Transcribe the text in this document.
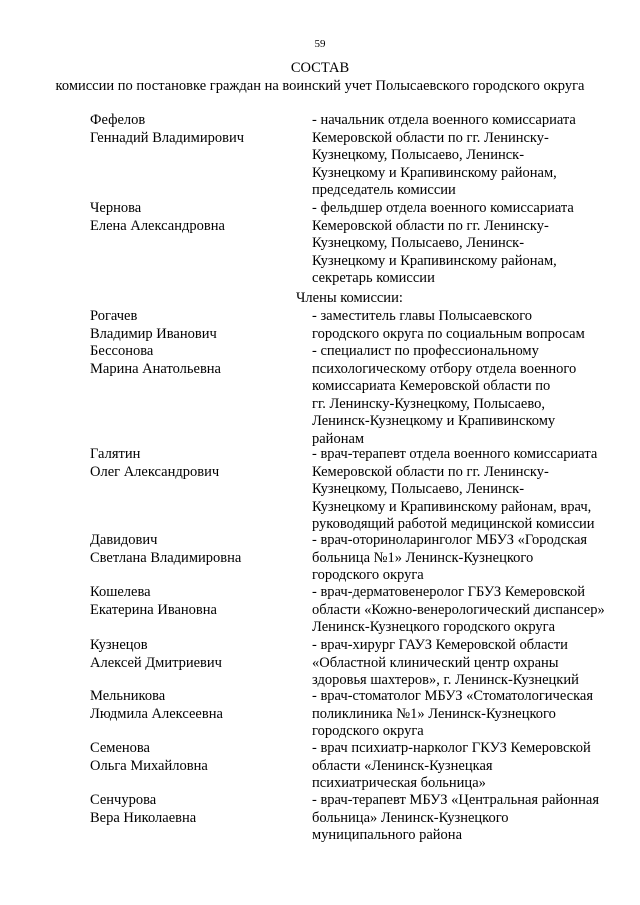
59
СОСТАВ
комиссии по постановке граждан на воинский учет Полысаевского городского округа
Фефелов
Геннадий Владимирович
- начальник отдела военного комиссариата
Кемеровской области по гг. Ленинску-
Кузнецкому, Полысаево, Ленинск-
Кузнецкому и Крапивинскому районам,
председатель комиссии
Чернова
Елена Александровна
- фельдшер отдела военного комиссариата
Кемеровской области по гг. Ленинску-
Кузнецкому, Полысаево, Ленинск-
Кузнецкому и Крапивинскому районам,
секретарь комиссии
Члены комиссии:
Рогачев
Владимир Иванович
- заместитель главы Полысаевского
городского округа по социальным вопросам
Бессонова
Марина Анатольевна
- специалист по профессиональному
психологическому отбору отдела военного
комиссариата Кемеровской области по
гг. Ленинску-Кузнецкому, Полысаево,
Ленинск-Кузнецкому и Крапивинскому
районам
Галятин
Олег Александрович
- врач-терапевт отдела военного комиссариата
Кемеровской области по гг. Ленинску-
Кузнецкому, Полысаево, Ленинск-
Кузнецкому и Крапивинскому районам, врач,
руководящий работой медицинской комиссии
Давидович
Светлана Владимировна
- врач-оториноларинголог МБУЗ «Городская
больница №1» Ленинск-Кузнецкого
городского округа
Кошелева
Екатерина Ивановна
- врач-дерматовенеролог ГБУЗ Кемеровской
области «Кожно-венерологический диспансер»
Ленинск-Кузнецкого городского округа
Кузнецов
Алексей Дмитриевич
- врач-хирург ГАУЗ Кемеровской области
«Областной клинический центр охраны
здоровья шахтеров», г. Ленинск-Кузнецкий
Мельникова
Людмила Алексеевна
- врач-стоматолог МБУЗ «Стоматологическая
поликлиника №1» Ленинск-Кузнецкого
городского округа
Семенова
Ольга Михайловна
- врач психиатр-нарколог ГКУЗ Кемеровской
области «Ленинск-Кузнецкая
психиатрическая больница»
Сенчурова
Вера Николаевна
- врач-терапевт МБУЗ «Центральная районная
больница» Ленинск-Кузнецкого
муниципального района
